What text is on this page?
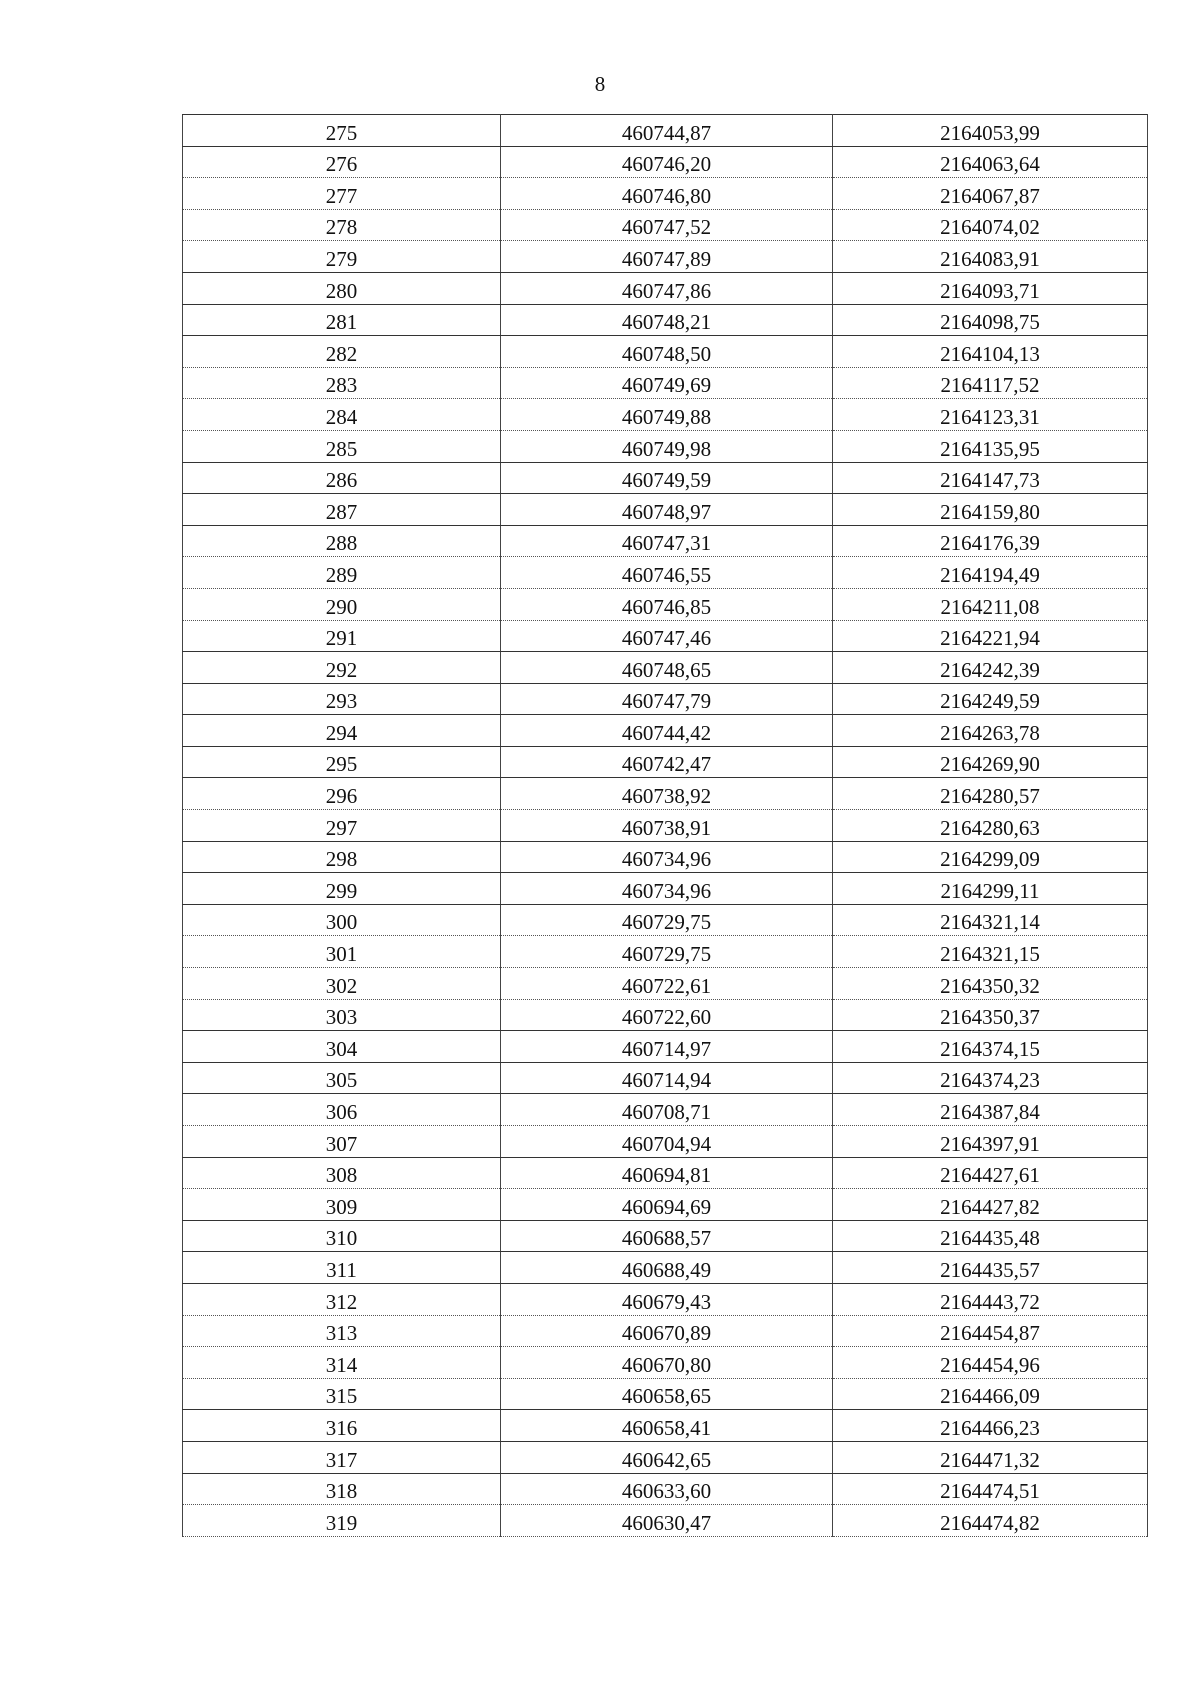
8
275	460744,87	2164053,99
276	460746,20	2164063,64
277	460746,80	2164067,87
278	460747,52	2164074,02
279	460747,89	2164083,91
280	460747,86	2164093,71
281	460748,21	2164098,75
282	460748,50	2164104,13
283	460749,69	2164117,52
284	460749,88	2164123,31
285	460749,98	2164135,95
286	460749,59	2164147,73
287	460748,97	2164159,80
288	460747,31	2164176,39
289	460746,55	2164194,49
290	460746,85	2164211,08
291	460747,46	2164221,94
292	460748,65	2164242,39
293	460747,79	2164249,59
294	460744,42	2164263,78
295	460742,47	2164269,90
296	460738,92	2164280,57
297	460738,91	2164280,63
298	460734,96	2164299,09
299	460734,96	2164299,11
300	460729,75	2164321,14
301	460729,75	2164321,15
302	460722,61	2164350,32
303	460722,60	2164350,37
304	460714,97	2164374,15
305	460714,94	2164374,23
306	460708,71	2164387,84
307	460704,94	2164397,91
308	460694,81	2164427,61
309	460694,69	2164427,82
310	460688,57	2164435,48
311	460688,49	2164435,57
312	460679,43	2164443,72
313	460670,89	2164454,87
314	460670,80	2164454,96
315	460658,65	2164466,09
316	460658,41	2164466,23
317	460642,65	2164471,32
318	460633,60	2164474,51
319	460630,47	2164474,82
